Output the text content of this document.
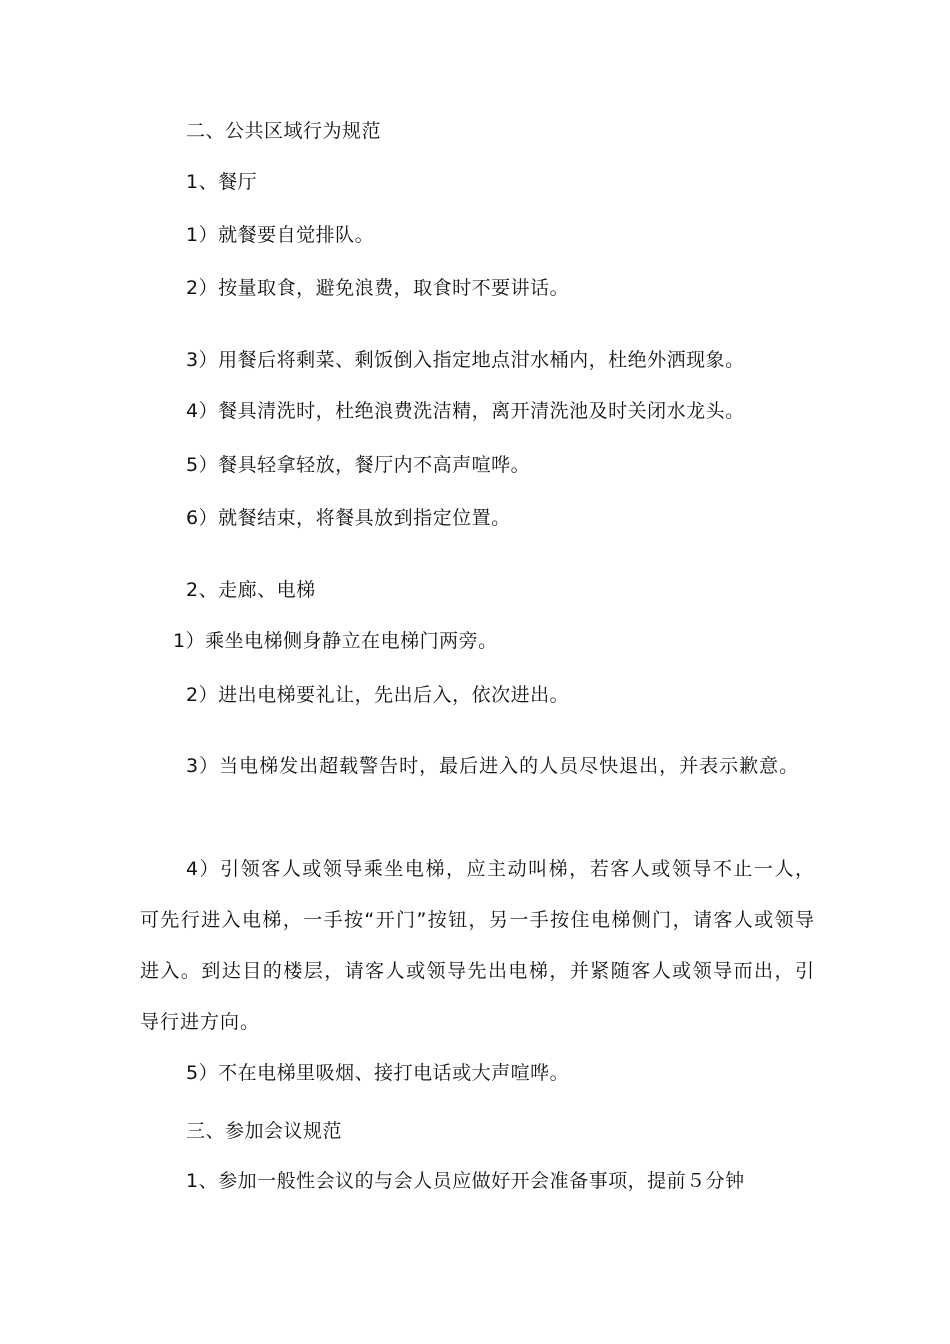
二、公共区域行为规范
1、餐厅
1）就餐要自觉排队。
2）按量取食，避免浪费，取食时不要讲话。
3）用餐后将剩菜、剩饭倒入指定地点泔水桶内，杜绝外洒现象。
4）餐具清洗时，杜绝浪费洗洁精，离开清洗池及时关闭水龙头。
5）餐具轻拿轻放，餐厅内不高声喧哗。
6）就餐结束，将餐具放到指定位置。
2、走廊、电梯
1）乘坐电梯侧身静立在电梯门两旁。
2）进出电梯要礼让，先出后入，依次进出。
3）当电梯发出超载警告时，最后进入的人员尽快退出，并表示歉意。
4）引领客人或领导乘坐电梯，应主动叫梯，若客人或领导不止一人，可先行进入电梯，一手按“开门”按钮，另一手按住电梯侧门，请客人或领导进入。到达目的楼层，请客人或领导先出电梯，并紧随客人或领导而出，引导行进方向。
5）不在电梯里吸烟、接打电话或大声喧哗。
三、参加会议规范
1、参加一般性会议的与会人员应做好开会准备事项，提前５分钟
